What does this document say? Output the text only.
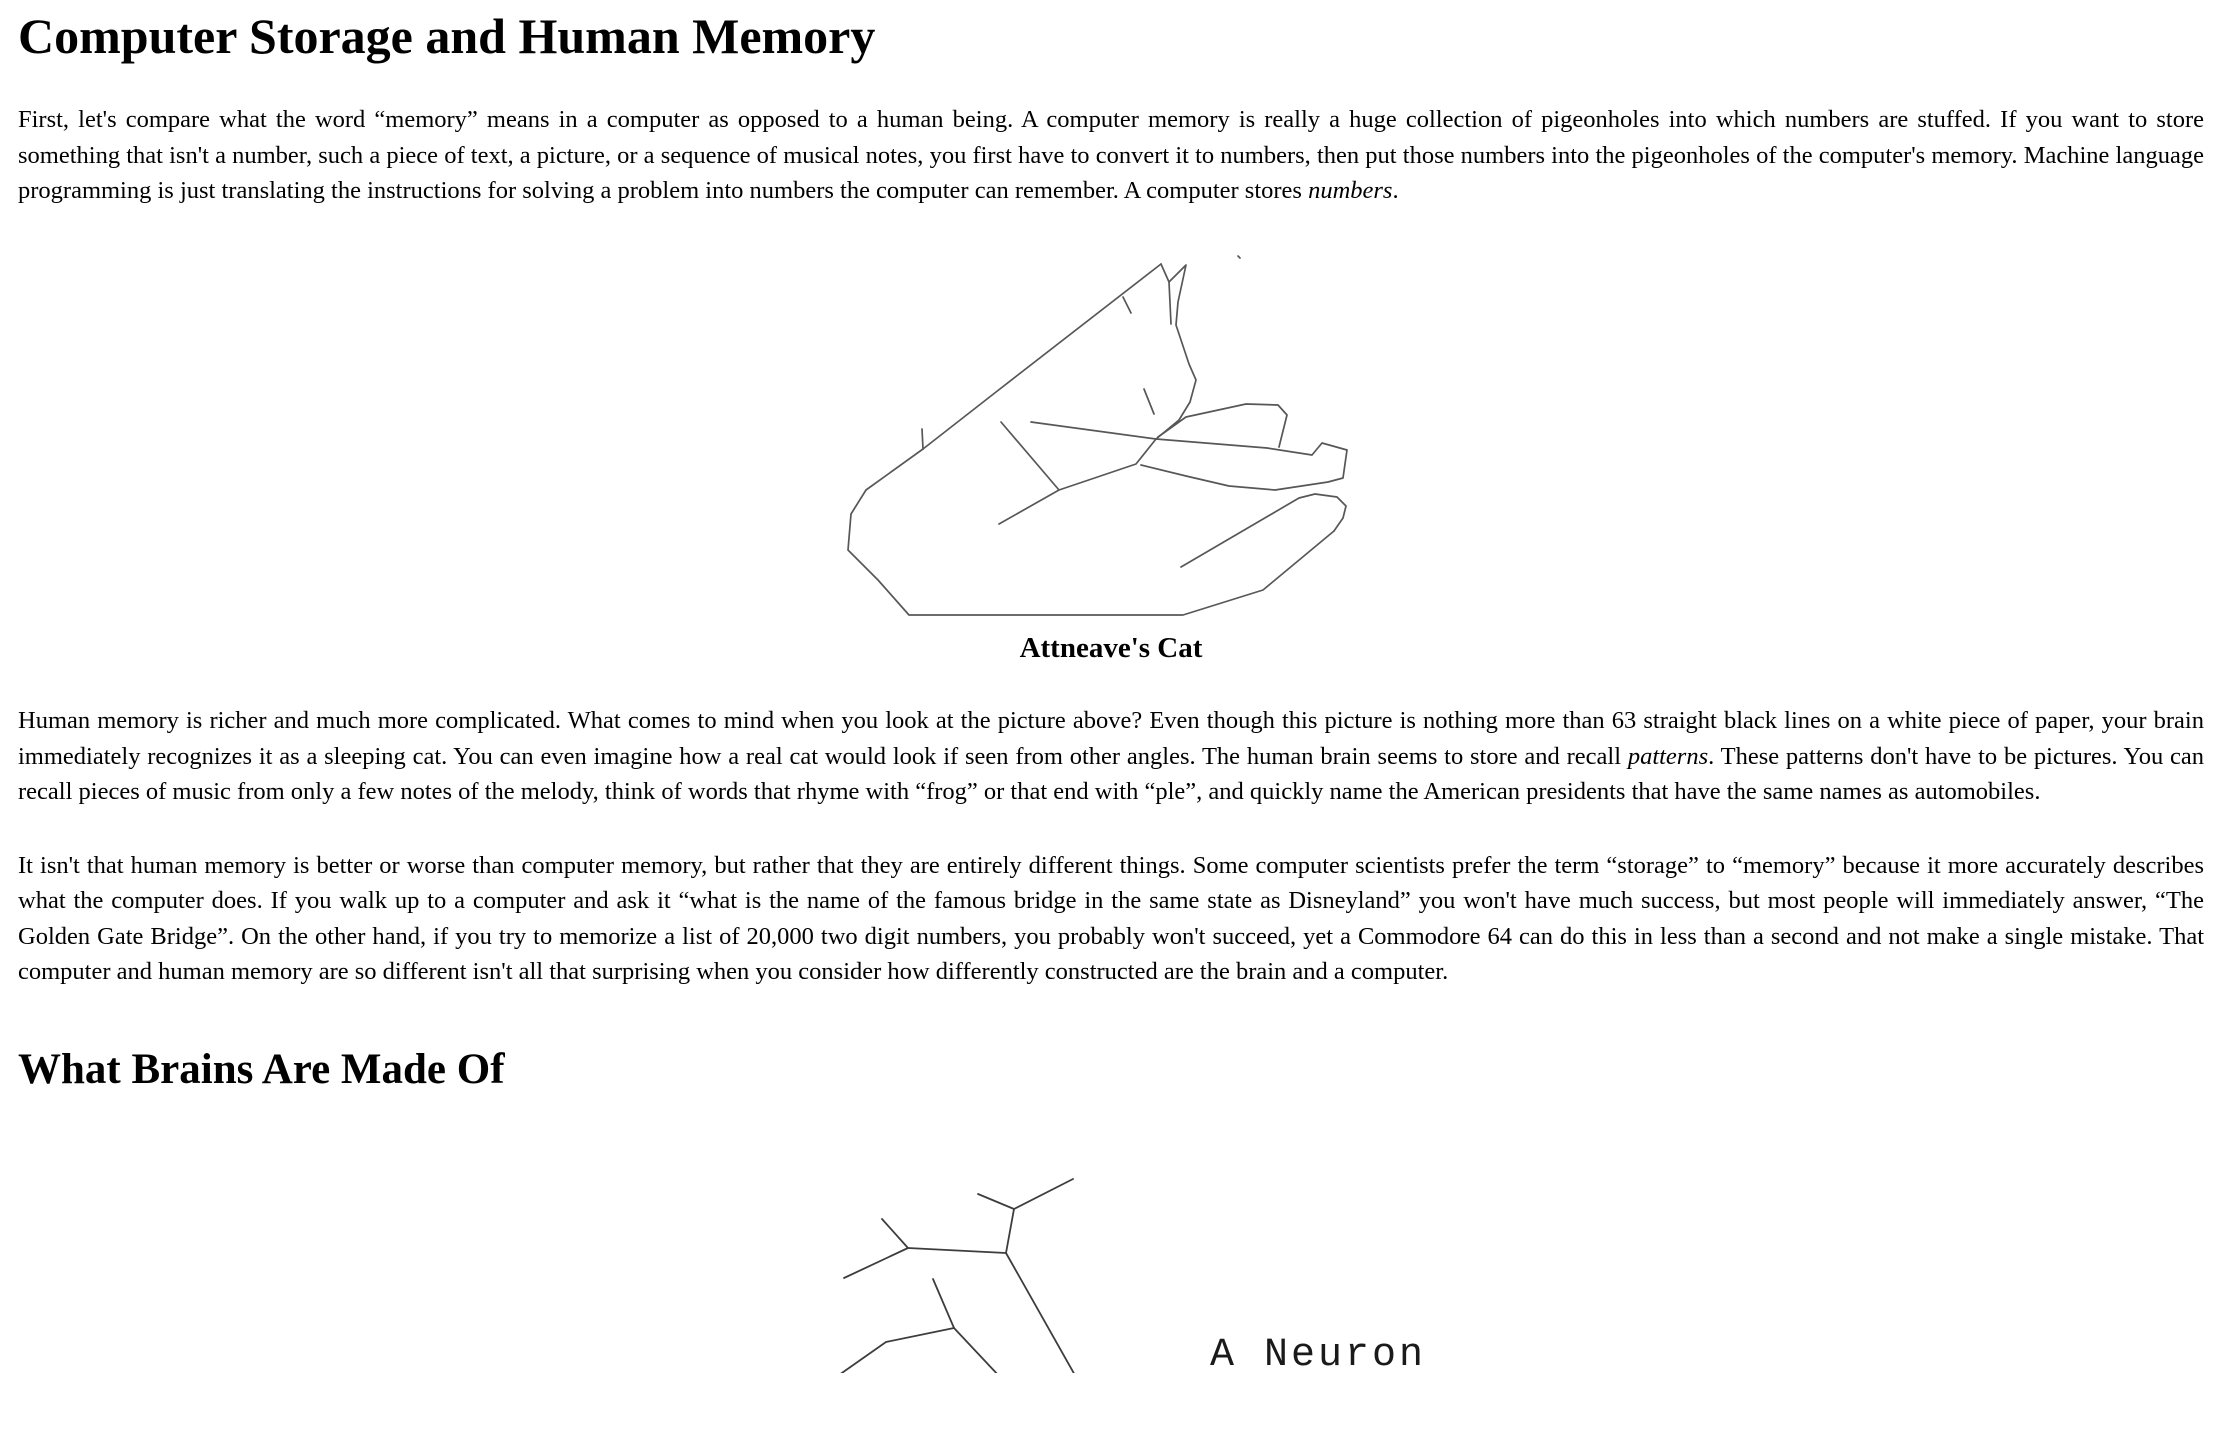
Computer Storage and Human Memory

First, let's compare what the word “memory” means in a computer as opposed to a human being. A computer memory is really a huge collection of pigeonholes into which numbers are stuffed. If you want to store something that isn't a number, such a piece of text, a picture, or a sequence of musical notes, you first have to convert it to numbers, then put those numbers into the pigeonholes of the computer's memory. Machine language programming is just translating the instructions for solving a problem into numbers the computer can remember. A computer stores numbers.

Attneave's Cat

Human memory is richer and much more complicated. What comes to mind when you look at the picture above? Even though this picture is nothing more than 63 straight black lines on a white piece of paper, your brain immediately recognizes it as a sleeping cat. You can even imagine how a real cat would look if seen from other angles. The human brain seems to store and recall patterns. These patterns don't have to be pictures. You can recall pieces of music from only a few notes of the melody, think of words that rhyme with “frog” or that end with “ple”, and quickly name the American presidents that have the same names as automobiles.

It isn't that human memory is better or worse than computer memory, but rather that they are entirely different things. Some computer scientists prefer the term “storage” to “memory” because it more accurately describes what the computer does. If you walk up to a computer and ask it “what is the name of the famous bridge in the same state as Disneyland” you won't have much success, but most people will immediately answer, “The Golden Gate Bridge”. On the other hand, if you try to memorize a list of 20,000 two digit numbers, you probably won't succeed, yet a Commodore 64 can do this in less than a second and not make a single mistake. That computer and human memory are so different isn't all that surprising when you consider how differently constructed are the brain and a computer.

What Brains Are Made Of
A Neuron
